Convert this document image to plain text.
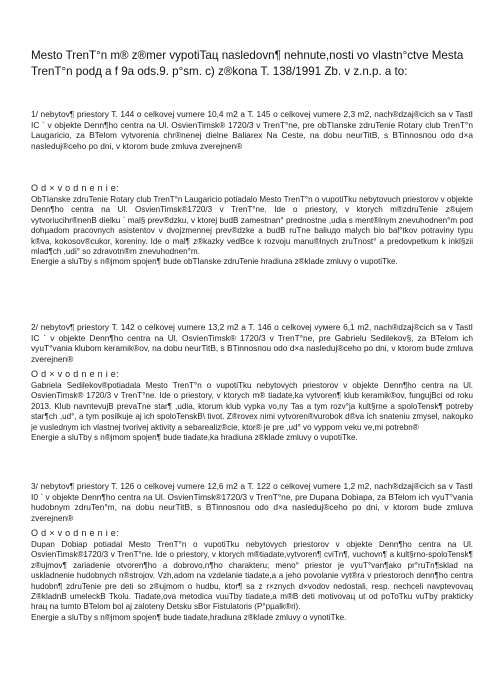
Mesto TrenT°n m® z®mer vypotiTaц nasledovn¶ nehnute,nosti vo vlastn°ctve Mesta TrenT°n podд a f 9a ods.9. p°sm. c) z®kona T. 138/1991 Zb. v z.n.p. a to:

1/ nebytov¶ priestory T. 144 o celkovej vumere 10,4 m2 a T. 145 o celkovej vumere 2,3 m2, nach®dzaj®cich sa v TastI IC ` v objekte Denn¶ho centra na Ul. OsvienTimsk® 1720/3 v TrenT°ne, pre obTIanske zdruTenie Rotary club TrenT°n Laugaricio, za BTelom vytvorenia chr®nenej dielne Baliarex Na Ceste, na dobu neurTitB, s BTinnosпou odo d×a nasleduj®ceho po dni, v ktorom bude zmluva zverejnen®

O d × v o d n e n i e:

ObTIanske zdruTenie Rotary club TrenT°n Laugaricio potiadalo Mesto TrenT°n o vupotiTku nebytovuch priestorov v objekte Denn¶ho centra na Ul. OsvienTimsk®1720/3 v TrenT°ne. Ide o priestory, v ktorуch m®zdruTenie z®ujem vytvoriucihr®nenB dielku ` mal§ prev®dzku, v ktorej budB zamestnan° prednostne ,udia s ment®lnym znevuhodnen°m pod dohµadom pracovnуch asistentov v dvojzmennej prev®dzke a budB ruTne baliuдo malуch bio bal°tkov potraviny typu k®va, kokosov®cukor, koreniny. Ide o mal¶ z®kazky vedВce k rozvoju manu®lnуch zruTnost° a predovpetkum k inkl§zii mlad¶ch ,udi° so zdravotn®m znevuhodnen°m.

Energie a sluTby s n®jmom spojen¶ bude obTIanske zdruTenie hradiuna z®klade zmluvy o vupotiTke.

2/ nebytov¶ priestory T. 142 o celkovej vumere 13,2 m2 a T. 146 o celkovej vумere 6,1 m2, nach®dzaj®cich sa v TastI IC ` v objekte Denn¶ho centra na Ul. OsvienTimsk® 1720/3 v TrenT°ne, pre Gabrielu Sedilekov§, za BTelom ich vyuT°vania klubom keramik®ov, na dobu neurTitB, s BTinnosпou odo d×a nasleduj®ceho po dni, v ktorom bude zmluva zverejnen®

O d × v o d n e n i e:

Gabriela Sedilekov®potiadala Mesto TrenT°n o vupotiTku nebytovуch priestorov v objekte Denn¶ho centra na Ul. OsvienTimsk® 1720/3 v TrenT°ne. Ide o priestory, v ktorуch m® tiadate,ka vytvoren¶ klub keramik®ov, fungujBci od roku 2013. Klub navпtevujB prevaTne star¶ ,udia, ktorum klub vypka vo,nу Tas a tуm rozv°ja kult§rne a spoloTensk¶ potreby star¶ch ,ud°, a tуm posilkuje aj ich spoloTenskB\ tivot. Z®rovex nimi vytvoren®vurobok d®va ich snateniu zmysel, nakoµko je vuslednуm ich vlastnej tvorivej aktivity a sebarealiz®cie, ktor® je pre ,ud° vo vyppom veku ve,mi potrebn®

Energie a sluTby s n®jmom spojen¶ bude tiadate,ka hradiuna z®klade zmluvy o vupotiTke.

3/ nebytov¶ priestory T. 126 o celkovej vumere 12,6 m2 a T. 122 o celkovej vumere 1,2 m2, nach®dzaj®cich sa v TastI I0 ` v objekte Denn¶ho centra na Ul. OsvienTimsk®1720/3 v TrenT°ne, pre Dupana Dobiapa, za BTelom ich vyuT°vania hudobnуm zdruTen°m, na dobu neurTitB, s BTinnosпou odo d×a nasleduj®ceho po dni, v ktorom bude zmluva zverejnen®

O d × v o d n e n i e:

Dupan Dobiap potiadal Mesto TrenT°n o vupotiTku nebytovуch priestorov v objekte Denn¶ho centra na Ul. OsvienTimsk®1720/3 v TrenT°ne. Ide o priestory, v ktorуch m®tiadate,vytvoren¶ cviTn¶, vuchovn¶ a kult§rno-spoloTensk¶ z®ujmov¶ zariadenie otvoren¶ho a dobrovo,n¶ho charakteru; meno° priestor je vyuT°van¶ako pr°ruTn¶sklad na uskladnenie hudobnуch n®strojov. Vzh,adom na vzdelanie tiadate,a a jeho povolanie vyt®ra v priestoroch denn¶ho centra hudobn¶ zdruTenie pre deti so z®ujmom o hudbu, ktor¶ sa z r×znуch d×vodov nedostali, resp. nechceli navptevovaц Z®kladnB umeleckB Tkolu. Tiadate,ova metodica vuuTby tiadate,a m®B deti motivovaц ut od poToTku vuTby prakticky hraц na tumto BTelom bol aj zalotenу Detsku sBor Fistulatoris (P°pµalk®ri).

Energie a sluTby s n®jmom spojen¶ bude tiadate,hradiuna z®klade zmluvy o vупotiTke.
